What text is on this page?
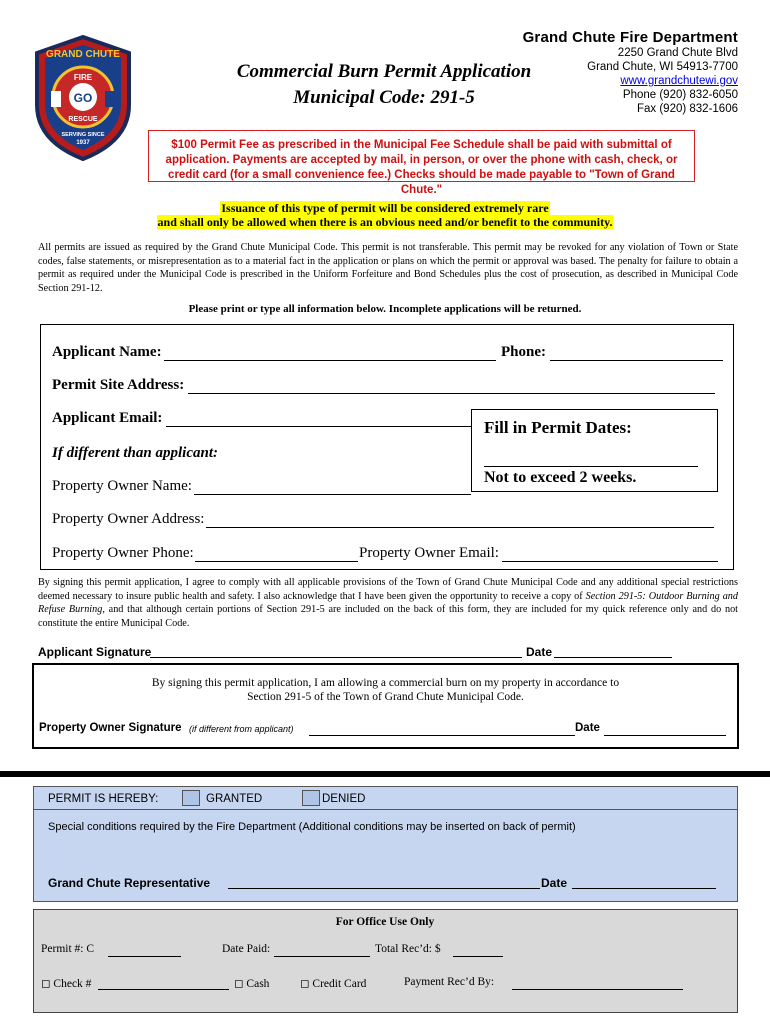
GRAND CHUTE
FIRE
GO
RESCUE
SERVING SINCE
1937
Commercial Burn Permit Application
Municipal Code: 291-5
Grand Chute Fire Department
2250 Grand Chute Blvd
Grand Chute, WI 54913-7700
www.grandchutewi.gov
Phone (920) 832-6050
Fax (920) 832-1606
$100 Permit Fee as prescribed in the Municipal Fee Schedule shall be paid with submittal of application. Payments are accepted by mail, in person, or over the phone with cash, check, or credit card (for a small convenience fee.) Checks should be made payable to "Town of Grand Chute."
Issuance of this type of permit will be considered extremely rare
and shall only be allowed when there is an obvious need and/or benefit to the community.
All permits are issued as required by the Grand Chute Municipal Code. This permit is not transferable. This permit may be revoked for any violation of Town or State codes, false statements, or misrepresentation as to a material fact in the application or plans on which the permit or approval was based. The penalty for failure to obtain a permit as required under the Municipal Code is prescribed in the Uniform Forfeiture and Bond Schedules plus the cost of prosecution, as described in Municipal Code Section 291-12.
Please print or type all information below. Incomplete applications will be returned.
Applicant Name:	Phone:
Permit Site Address:
Applicant Email:
If different than applicant:
Property Owner Name:
Fill in Permit Dates:
Not to exceed 2 weeks.
Property Owner Address:
Property Owner Phone:	Property Owner Email:
By signing this permit application, I agree to comply with all applicable provisions of the Town of Grand Chute Municipal Code and any additional special restrictions deemed necessary to insure public health and safety. I also acknowledge that I have been given the opportunity to receive a copy of Section 291-5: Outdoor Burning and Refuse Burning, and that although certain portions of Section 291-5 are included on the back of this form, they are included for my quick reference only and do not constitute the entire Municipal Code.
Applicant Signature	Date
By signing this permit application, I am allowing a commercial burn on my property in accordance to
Section 291-5 of the Town of Grand Chute Municipal Code.
Property Owner Signature (if different from applicant)	Date
PERMIT IS HEREBY:	GRANTED	DENIED
Special conditions required by the Fire Department (Additional conditions may be inserted on back of permit)
Grand Chute Representative	Date
For Office Use Only
Permit #: C	Date Paid:	Total Rec’d: $
◻ Check #	◻ Cash	◻ Credit Card	Payment Rec’d By:
